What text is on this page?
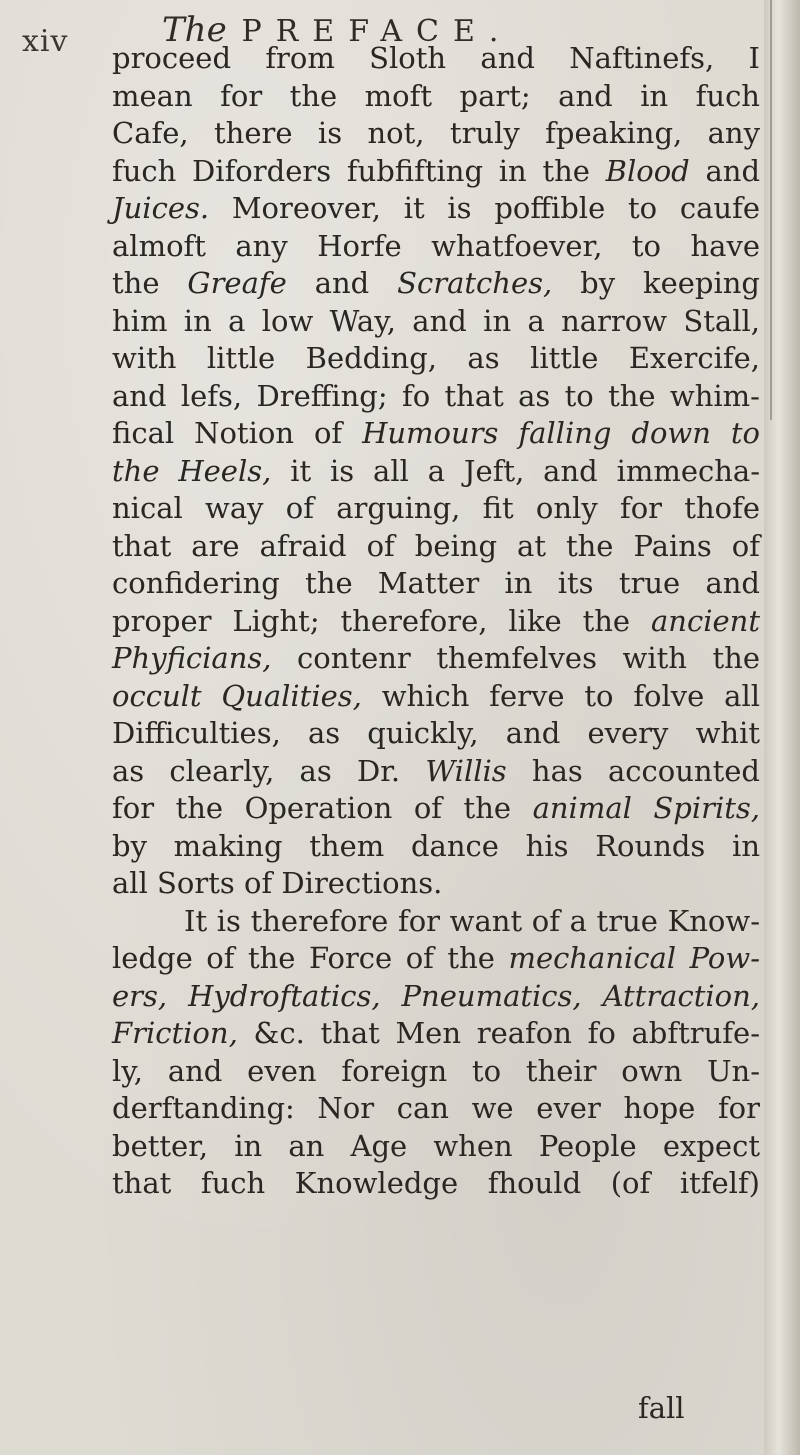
xiv	The PREFACE.
proceed from Sloth and Naftinefs, I
mean for the moft part; and in fuch
Cafe, there is not, truly fpeaking, any
fuch Diforders fubfifting in the Blood and
Juices. Moreover, it is poffible to caufe
almoft any Horfe whatfoever, to have
the Greafe and Scratches, by keeping
him in a low Way, and in a narrow Stall,
with little Bedding, as little Exercife,
and lefs, Dreffing; fo that as to the whim-
fical Notion of Humours falling down to
the Heels, it is all a Jeft, and immecha-
nical way of arguing, fit only for thofe
that are afraid of being at the Pains of
confidering the Matter in its true and
proper Light; therefore, like the ancient
Phyficians, contenr themfelves with the
occult Qualities, which ferve to folve all
Difficulties, as quickly, and every whit
as clearly, as Dr. Willis has accounted
for the Operation of the animal Spirits,
by making them dance his Rounds in
all Sorts of Directions.
It is therefore for want of a true Know-
ledge of the Force of the mechanical Pow-
ers, Hydroftatics, Pneumatics, Attraction,
Friction, &c. that Men reafon fo abftrufe-
ly, and even foreign to their own Un-
derftanding: Nor can we ever hope for
better, in an Age when People expect
that fuch Knowledge fhould (of itfelf)
fall
